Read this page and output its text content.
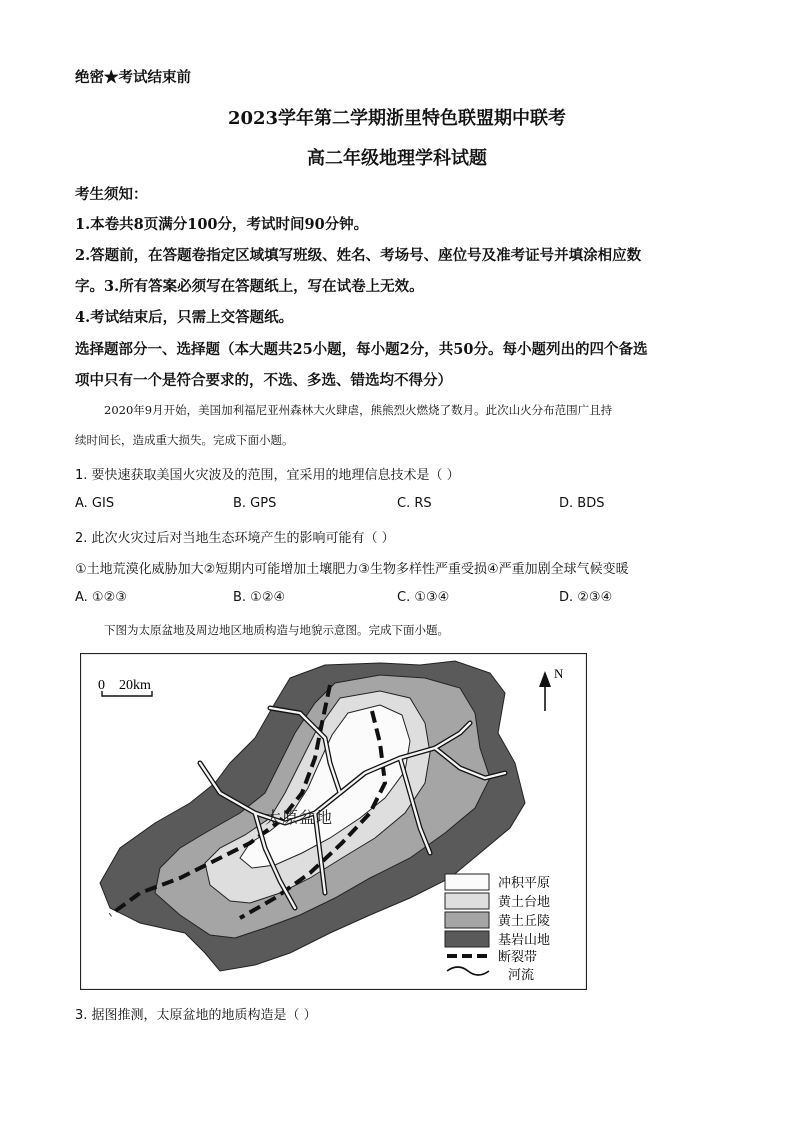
绝密★考试结束前
2023学年第二学期浙里特色联盟期中联考
高二年级地理学科试题
考生须知：
1.本卷共8页满分100分，考试时间90分钟。
2.答题前，在答题卷指定区域填写班级、姓名、考场号、座位号及准考证号并填涂相应数
字。3.所有答案必须写在答题纸上，写在试卷上无效。
4.考试结束后，只需上交答题纸。
选择题部分一、选择题（本大题共25小题，每小题2分，共50分。每小题列出的四个备选
项中只有一个是符合要求的，不选、多选、错选均不得分）
2020年9月开始，美国加利福尼亚州森林大火肆虐，熊熊烈火燃烧了数月。此次山火分布范围广且持
续时间长，造成重大损失。完成下面小题。
1. 要快速获取美国火灾波及的范围，宜采用的地理信息技术是（ ）
A. GIS	B. GPS	C. RS	D. BDS
2. 此次火灾过后对当地生态环境产生的影响可能有（ ）
①土地荒漠化威胁加大②短期内可能增加土壤肥力③生物多样性严重受损④严重加剧全球气候变暖
A. ①②③	B. ①②④	C. ①③④	D. ②③④
下图为太原盆地及周边地区地质构造与地貌示意图。完成下面小题。
0    20km
N
太原盆地
冲积平原
黄土台地
黄土丘陵
基岩山地
断裂带
河流
3. 据图推测，太原盆地的地质构造是（ ）
